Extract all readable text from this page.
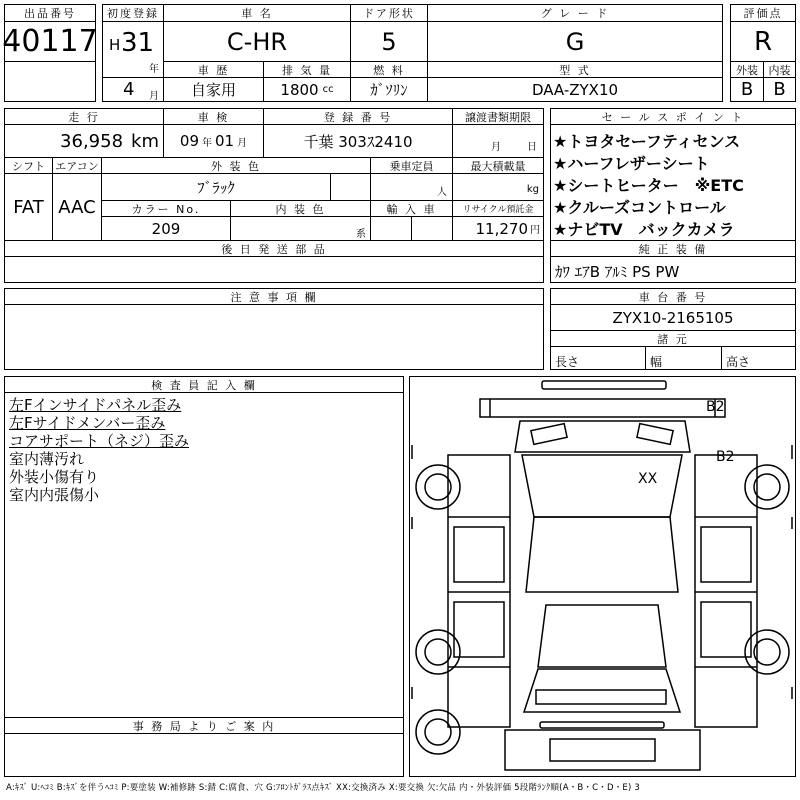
出品番号
40117
初度登録
H 31
年
4 月
車 名
C-HR
ドア形状
5
グ レ ー ド
G
車 歴
自家用
排 気 量
1800 cc
燃 料
ｶﾞｿﾘﾝ
型 式
DAA-ZYX10
評価点
R
外装 内装
B B
走 行
36,958 km
車 検
09 年 01 月
登 録 番 号
千葉 303ｽ2410
譲渡書類期限
月	日
シフト エアコン
FAT AAC
外 装 色
ﾌﾞﾗｯｸ
乗車定員
人
最大積載量
kg
カラー No.
209
内 装 色
系
輸 入 車	リサイクル預託金
11,270 円
後 日 発 送 部 品
セ ー ル ス ポ イ ン ト
★トヨタセーフティセンス
★ハーフレザーシート
★シートヒーター　※ETC
★クルーズコントロール
★ナビTV　バックカメラ
純 正 装 備
ｶﾜ ｴｱB ｱﾙﾐ PS PW
注 意 事 項 欄	車 台 番 号
ZYX10-2165105
諸 元
長さ	幅	高さ
検 査 員 記 入 欄
左Fインサイドパネル歪み
左Fサイドメンバー歪み
コアサポート（ネジ）歪み
室内薄汚れ
外装小傷有り
室内内張傷小
事 務 局 よ り ご 案 内
B2
B2
XX
A:ｷｽﾞ U:ﾍｺﾐ B:ｷｽﾞを伴うﾍｺﾐ P:要塗装 W:補修跡 S:錆 C:腐食、穴 G:ﾌﾛﾝﾄｶﾞﾗｽ点ｷｽﾞ XX:交換済み X:要交換 欠:欠品 内・外装評価 5段階ﾗﾝｸ順(A・B・C・D・E) 3
